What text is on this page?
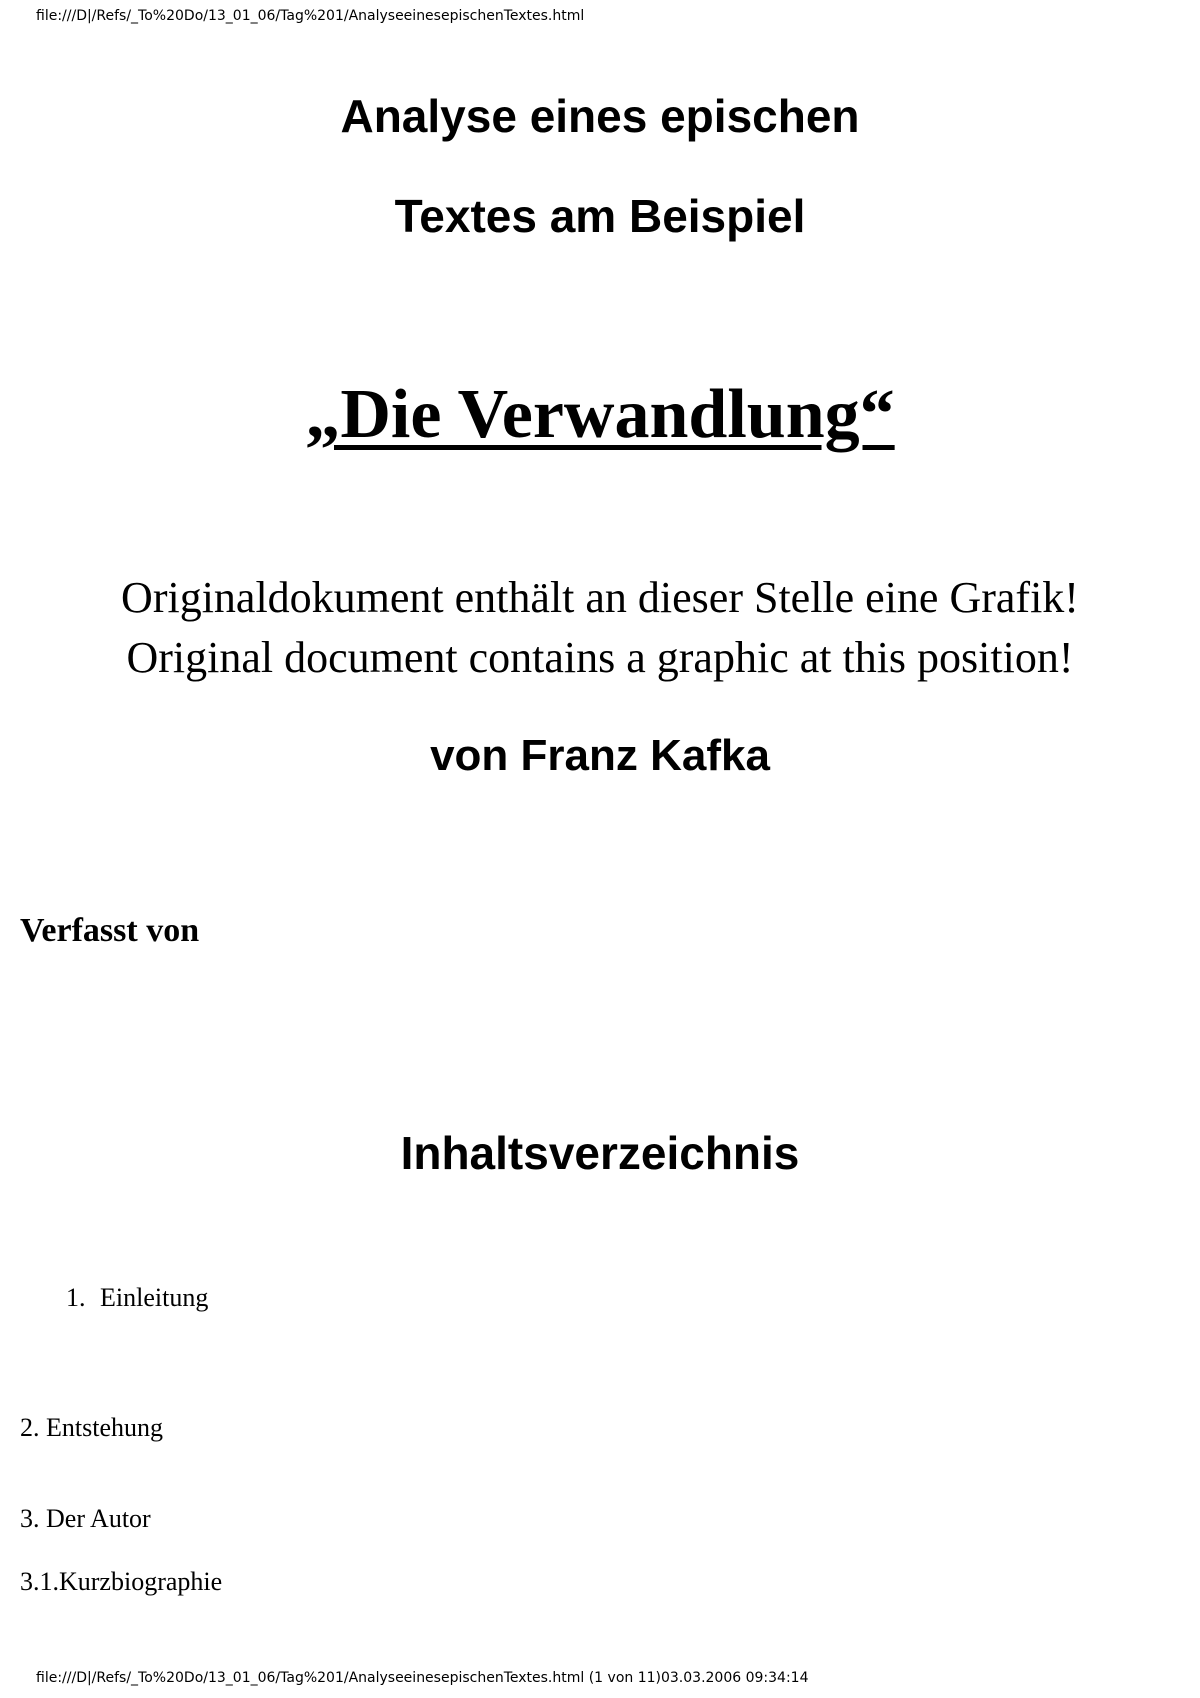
file:///D|/Refs/_To%20Do/13_01_06/Tag%201/AnalyseeinesepischenTextes.html
Analyse eines epischen
Textes am Beispiel
„Die Verwandlung“
Originaldokument enthält an dieser Stelle eine Grafik!
Original document contains a graphic at this position!
von Franz Kafka
Verfasst von
Inhaltsverzeichnis
1. Einleitung
2. Entstehung
3. Der Autor
3.1.Kurzbiographie
file:///D|/Refs/_To%20Do/13_01_06/Tag%201/AnalyseeinesepischenTextes.html (1 von 11)03.03.2006 09:34:14
